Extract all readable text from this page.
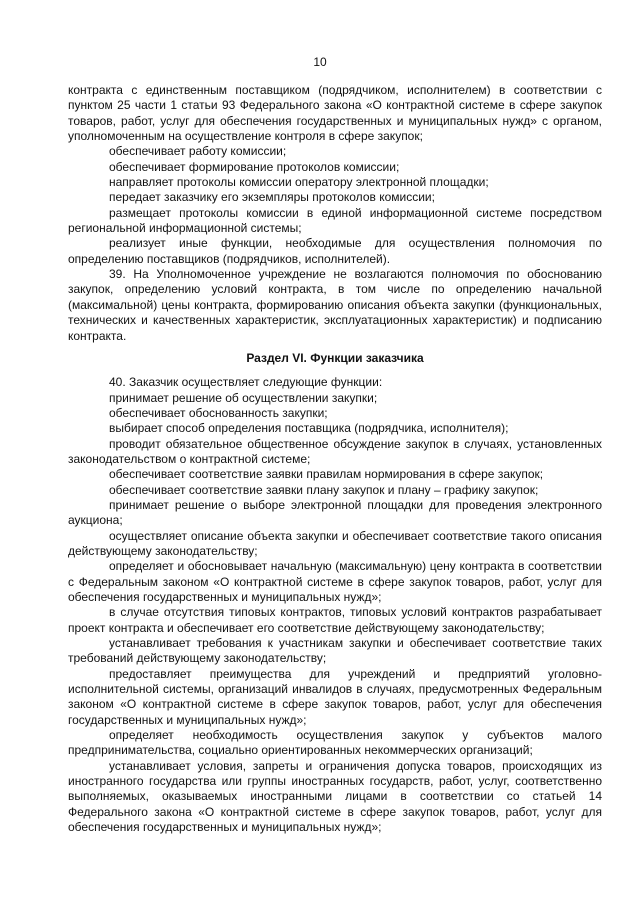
10

контракта с единственным поставщиком (подрядчиком, исполнителем) в соответствии с пунктом 25 части 1 статьи 93 Федерального закона «О контрактной системе в сфере закупок товаров, работ, услуг для обеспечения государственных и муниципальных нужд» с органом, уполномоченным на осуществление контроля в сфере закупок;

обеспечивает работу комиссии;

обеспечивает формирование протоколов комиссии;

направляет протоколы комиссии оператору электронной площадки;

передает заказчику его экземпляры протоколов комиссии;

размещает протоколы комиссии в единой информационной системе посредством региональной информационной системы;

реализует иные функции, необходимые для осуществления полномочия по определению поставщиков (подрядчиков, исполнителей).

39. На Уполномоченное учреждение не возлагаются полномочия по обоснованию закупок, определению условий контракта, в том числе по определению начальной (максимальной) цены контракта, формированию описания объекта закупки (функциональных, технических и качественных характеристик, эксплуатационных характеристик) и подписанию контракта.

Раздел VI. Функции заказчика

40. Заказчик осуществляет следующие функции:

принимает решение об осуществлении закупки;

обеспечивает обоснованность закупки;

выбирает способ определения поставщика (подрядчика, исполнителя);

проводит обязательное общественное обсуждение закупок в случаях, установленных законодательством о контрактной системе;

обеспечивает соответствие заявки правилам нормирования в сфере закупок;

обеспечивает соответствие заявки плану закупок и плану – графику закупок;

принимает решение о выборе электронной площадки для проведения электронного аукциона;

осуществляет описание объекта закупки и обеспечивает соответствие такого описания действующему законодательству;

определяет и обосновывает начальную (максимальную) цену контракта в соответствии с Федеральным законом «О контрактной системе в сфере закупок товаров, работ, услуг для обеспечения государственных и муниципальных нужд»;

в случае отсутствия типовых контрактов, типовых условий контрактов разрабатывает проект контракта и обеспечивает его соответствие действующему законодательству;

устанавливает требования к участникам закупки и обеспечивает соответствие таких требований действующему законодательству;

предоставляет преимущества для учреждений и предприятий уголовно-исполнительной системы, организаций инвалидов в случаях, предусмотренных Федеральным законом «О контрактной системе в сфере закупок товаров, работ, услуг для обеспечения государственных и муниципальных нужд»;

определяет необходимость осуществления закупок у субъектов малого предпринимательства, социально ориентированных некоммерческих организаций;

устанавливает условия, запреты и ограничения допуска товаров, происходящих из иностранного государства или группы иностранных государств, работ, услуг, соответственно выполняемых, оказываемых иностранными лицами в соответствии со статьей 14 Федерального закона «О контрактной системе в сфере закупок товаров, работ, услуг для обеспечения государственных и муниципальных нужд»;
